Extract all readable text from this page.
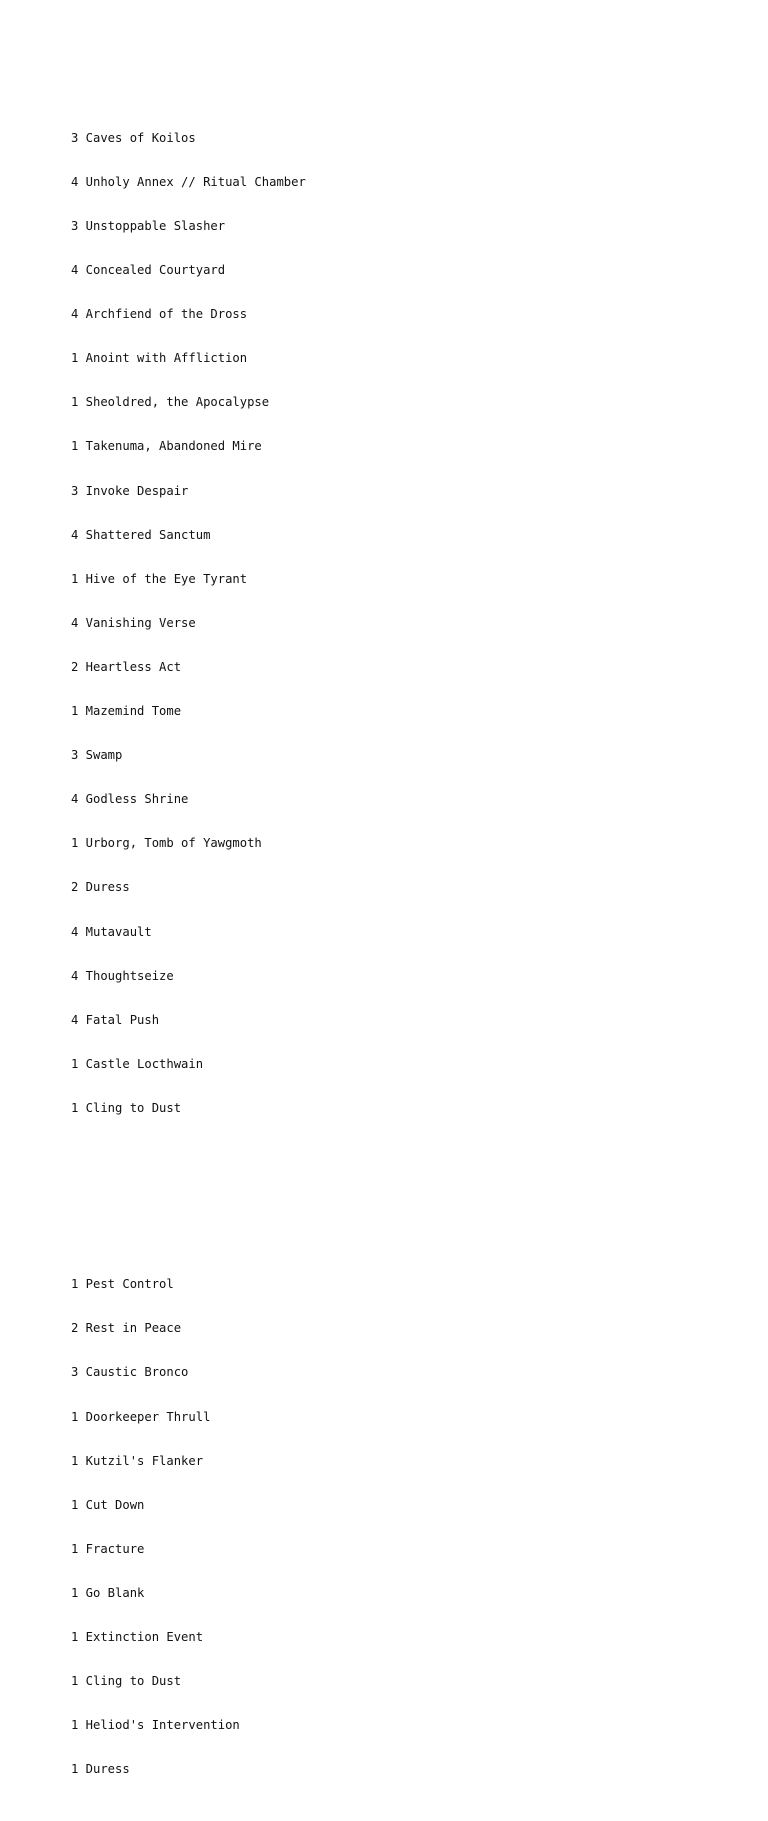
3 Caves of Koilos

4 Unholy Annex // Ritual Chamber

3 Unstoppable Slasher

4 Concealed Courtyard

4 Archfiend of the Dross

1 Anoint with Affliction

1 Sheoldred, the Apocalypse

1 Takenuma, Abandoned Mire

3 Invoke Despair

4 Shattered Sanctum

1 Hive of the Eye Tyrant

4 Vanishing Verse

2 Heartless Act

1 Mazemind Tome

3 Swamp

4 Godless Shrine

1 Urborg, Tomb of Yawgmoth

2 Duress

4 Mutavault

4 Thoughtseize

4 Fatal Push

1 Castle Locthwain

1 Cling to Dust

1 Pest Control

2 Rest in Peace

3 Caustic Bronco

1 Doorkeeper Thrull

1 Kutzil's Flanker

1 Cut Down

1 Fracture

1 Go Blank

1 Extinction Event

1 Cling to Dust

1 Heliod's Intervention

1 Duress
